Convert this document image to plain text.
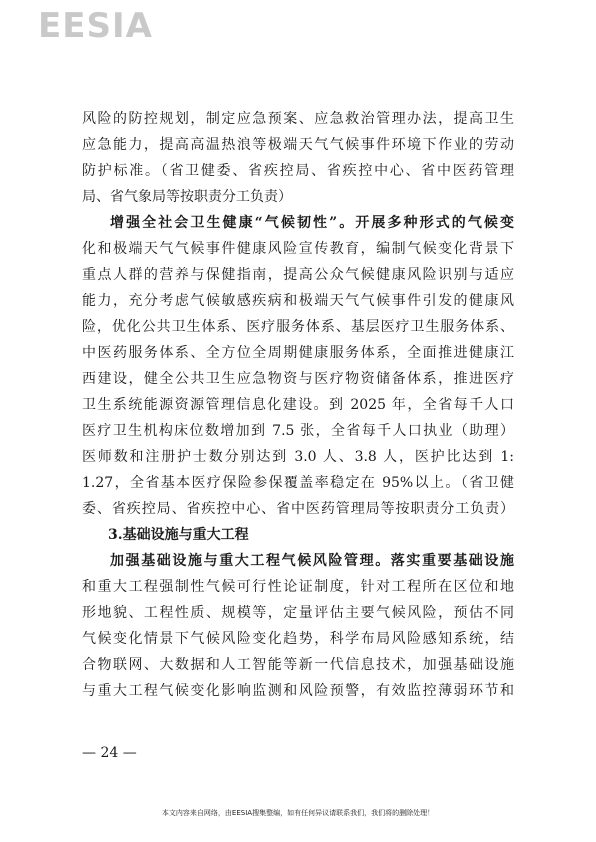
EESIA
风险的防控规划，制定应急预案、应急救治管理办法，提高卫生
应急能力，提高高温热浪等极端天气气候事件环境下作业的劳动
防护标准。（省卫健委、省疾控局、省疾控中心、省中医药管理
局、省气象局等按职责分工负责）
增强全社会卫生健康“气候韧性”。开展多种形式的气候变
化和极端天气气候事件健康风险宣传教育，编制气候变化背景下
重点人群的营养与保健指南，提高公众气候健康风险识别与适应
能力，充分考虑气候敏感疾病和极端天气气候事件引发的健康风
险，优化公共卫生体系、医疗服务体系、基层医疗卫生服务体系、
中医药服务体系、全方位全周期健康服务体系，全面推进健康江
西建设，健全公共卫生应急物资与医疗物资储备体系，推进医疗
卫生系统能源资源管理信息化建设。到 2025 年，全省每千人口
医疗卫生机构床位数增加到 7.5 张，全省每千人口执业（助理）
医师数和注册护士数分别达到 3.0 人、3.8 人，医护比达到 1:
1.27，全省基本医疗保险参保覆盖率稳定在 95%以上。（省卫健
委、省疾控局、省疾控中心、省中医药管理局等按职责分工负责）
3.基础设施与重大工程
加强基础设施与重大工程气候风险管理。落实重要基础设施
和重大工程强制性气候可行性论证制度，针对工程所在区位和地
形地貌、工程性质、规模等，定量评估主要气候风险，预估不同
气候变化情景下气候风险变化趋势，科学布局风险感知系统，结
合物联网、大数据和人工智能等新一代信息技术，加强基础设施
与重大工程气候变化影响监测和风险预警，有效监控薄弱环节和
— 24 —
本文内容来自网络，由EESIA搜集整编，如有任何异议请联系我们，我们将的删除处理！
